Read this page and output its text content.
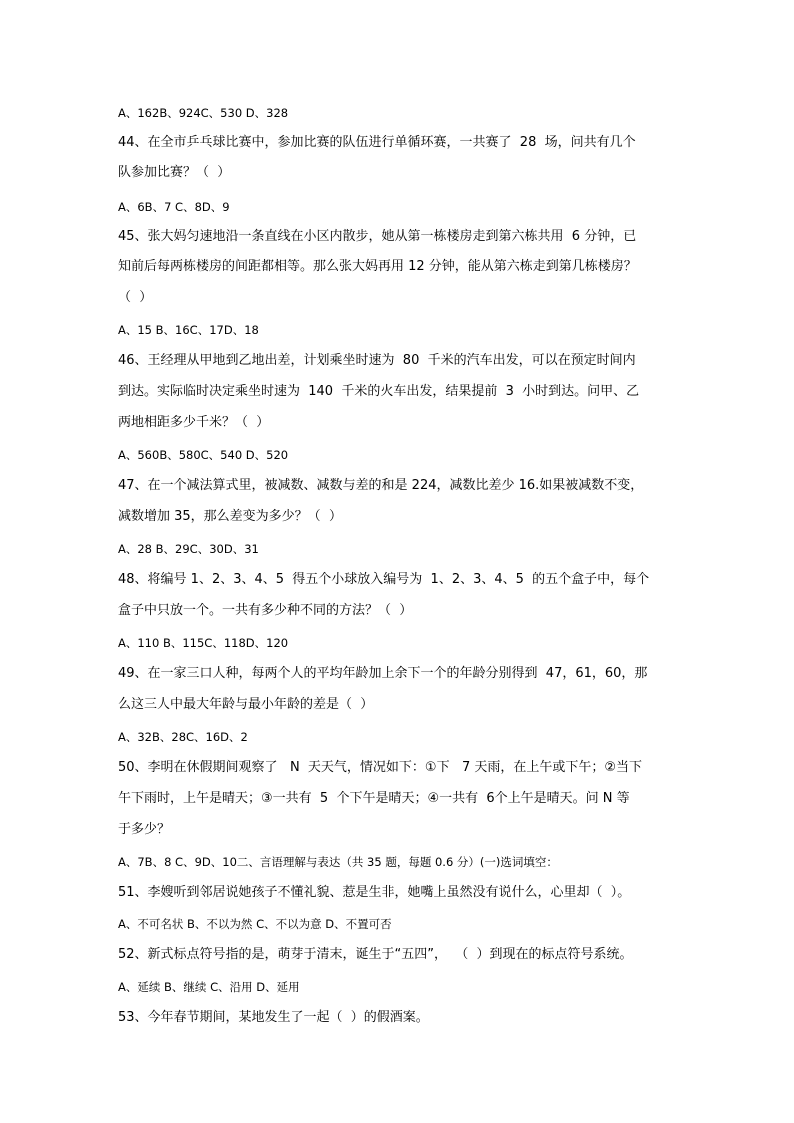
A、162B、924C、530 D、328
44、在全市乒乓球比赛中，参加比赛的队伍进行单循环赛，一共赛了  28  场，问共有几个
队参加比赛？（  ）
A、6B、7 C、8D、9
45、张大妈匀速地沿一条直线在小区内散步，她从第一栋楼房走到第六栋共用  6 分钟，已
知前后每两栋楼房的间距都相等。那么张大妈再用 12 分钟，能从第六栋走到第几栋楼房？
（  ）
A、15 B、16C、17D、18
46、王经理从甲地到乙地出差，计划乘坐时速为  80  千米的汽车出发，可以在预定时间内
到达。实际临时决定乘坐时速为  140  千米的火车出发，结果提前  3  小时到达。问甲、乙
两地相距多少千米？（  ）
A、560B、580C、540 D、520
47、在一个减法算式里，被减数、减数与差的和是 224，减数比差少 16.如果被减数不变，
减数增加 35，那么差变为多少？（  ）
A、28 B、29C、30D、31
48、将编号 1、2、3、4、5  得五个小球放入编号为  1、2、3、4、5  的五个盒子中，每个
盒子中只放一个。一共有多少种不同的方法？（  ）
A、110 B、115C、118D、120
49、在一家三口人种，每两个人的平均年龄加上余下一个的年龄分别得到  47，61，60，那
么这三人中最大年龄与最小年龄的差是（  ）
A、32B、28C、16D、2
50、李明在休假期间观察了   N  天天气，情况如下：①下   7 天雨，在上午或下午；②当下
午下雨时，上午是晴天；③一共有  5  个下午是晴天；④一共有  6个上午是晴天。问 N 等
于多少？
A、7B、8 C、9D、10二、言语理解与表达（共 35 题，每题 0.6 分）(一)选词填空：
51、李嫂听到邻居说她孩子不懂礼貌、惹是生非，她嘴上虽然没有说什么，心里却（  ）。
A、不可名状 B、不以为然 C、不以为意 D、不置可否
52、新式标点符号指的是，萌芽于清末，诞生于“五四”，  （  ）到现在的标点符号系统。
A、延续 B、继续 C、沿用 D、延用
53、今年春节期间，某地发生了一起（  ）的假酒案。
